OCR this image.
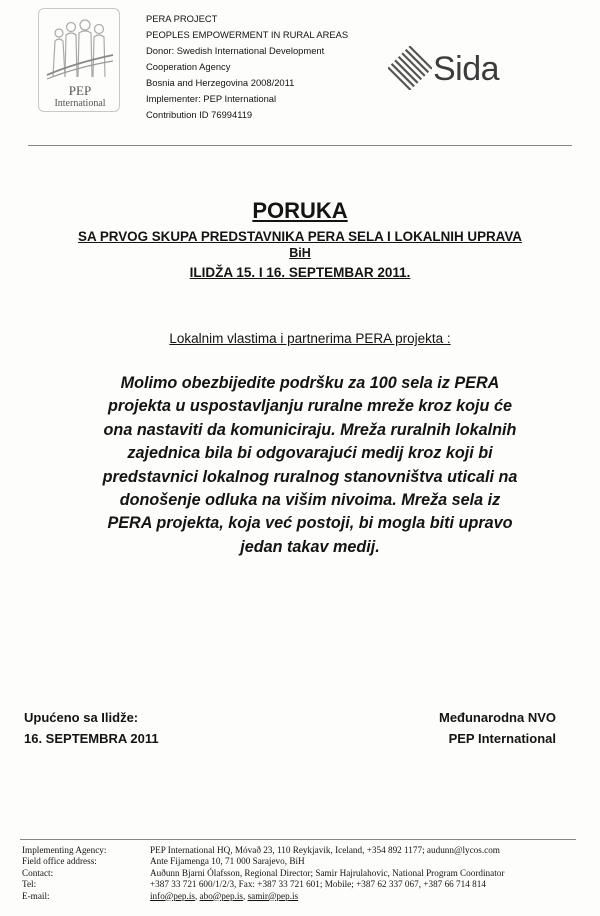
PEP
International
PERA PROJECT
PEOPLES EMPOWERMENT IN RURAL AREAS
Donor: Swedish International Development
Cooperation Agency
Bosnia and Herzegovina 2008/2011
Implementer: PEP International
Contribution ID 76994119
Sida
PORUKA
SA PRVOG SKUPA PREDSTAVNIKA PERA SELA I LOKALNIH UPRAVA
BiH
ILIDŽA 15. I 16. SEPTEMBAR 2011.
Lokalnim vlastima i partnerima PERA projekta :
Molimo obezbijedite podršku za 100 sela iz PERA
projekta u uspostavljanju ruralne mreže kroz koju će
ona nastaviti da komuniciraju. Mreža ruralnih lokalnih
zajednica bila bi odgovarajući medij kroz koji bi
predstavnici lokalnog ruralnog stanovništva uticali na
donošenje odluka na višim nivoima. Mreža sela iz
PERA projekta, koja već postoji, bi mogla biti upravo
jedan takav medij.
Upućeno sa Ilidže:
16. SEPTEMBRA 2011
Međunarodna NVO
PEP International
Implementing Agency:	PEP International HQ, Móvað 23, 110 Reykjavik, Iceland, +354 892 1177; audunn@lycos.com
Field office address:	Ante Fijamenga 10, 71 000 Sarajevo, BiH
Contact:	Auðunn Bjarni Ólafsson, Regional Director; Samir Hajrulahovic, National Program Coordinator
Tel:	+387 33 721 600/1/2/3, Fax: +387 33 721 601; Mobile; +387 62 337 067, +387 66 714 814
E-mail:	info@pep.is, abo@pep.is, samir@pep.is
